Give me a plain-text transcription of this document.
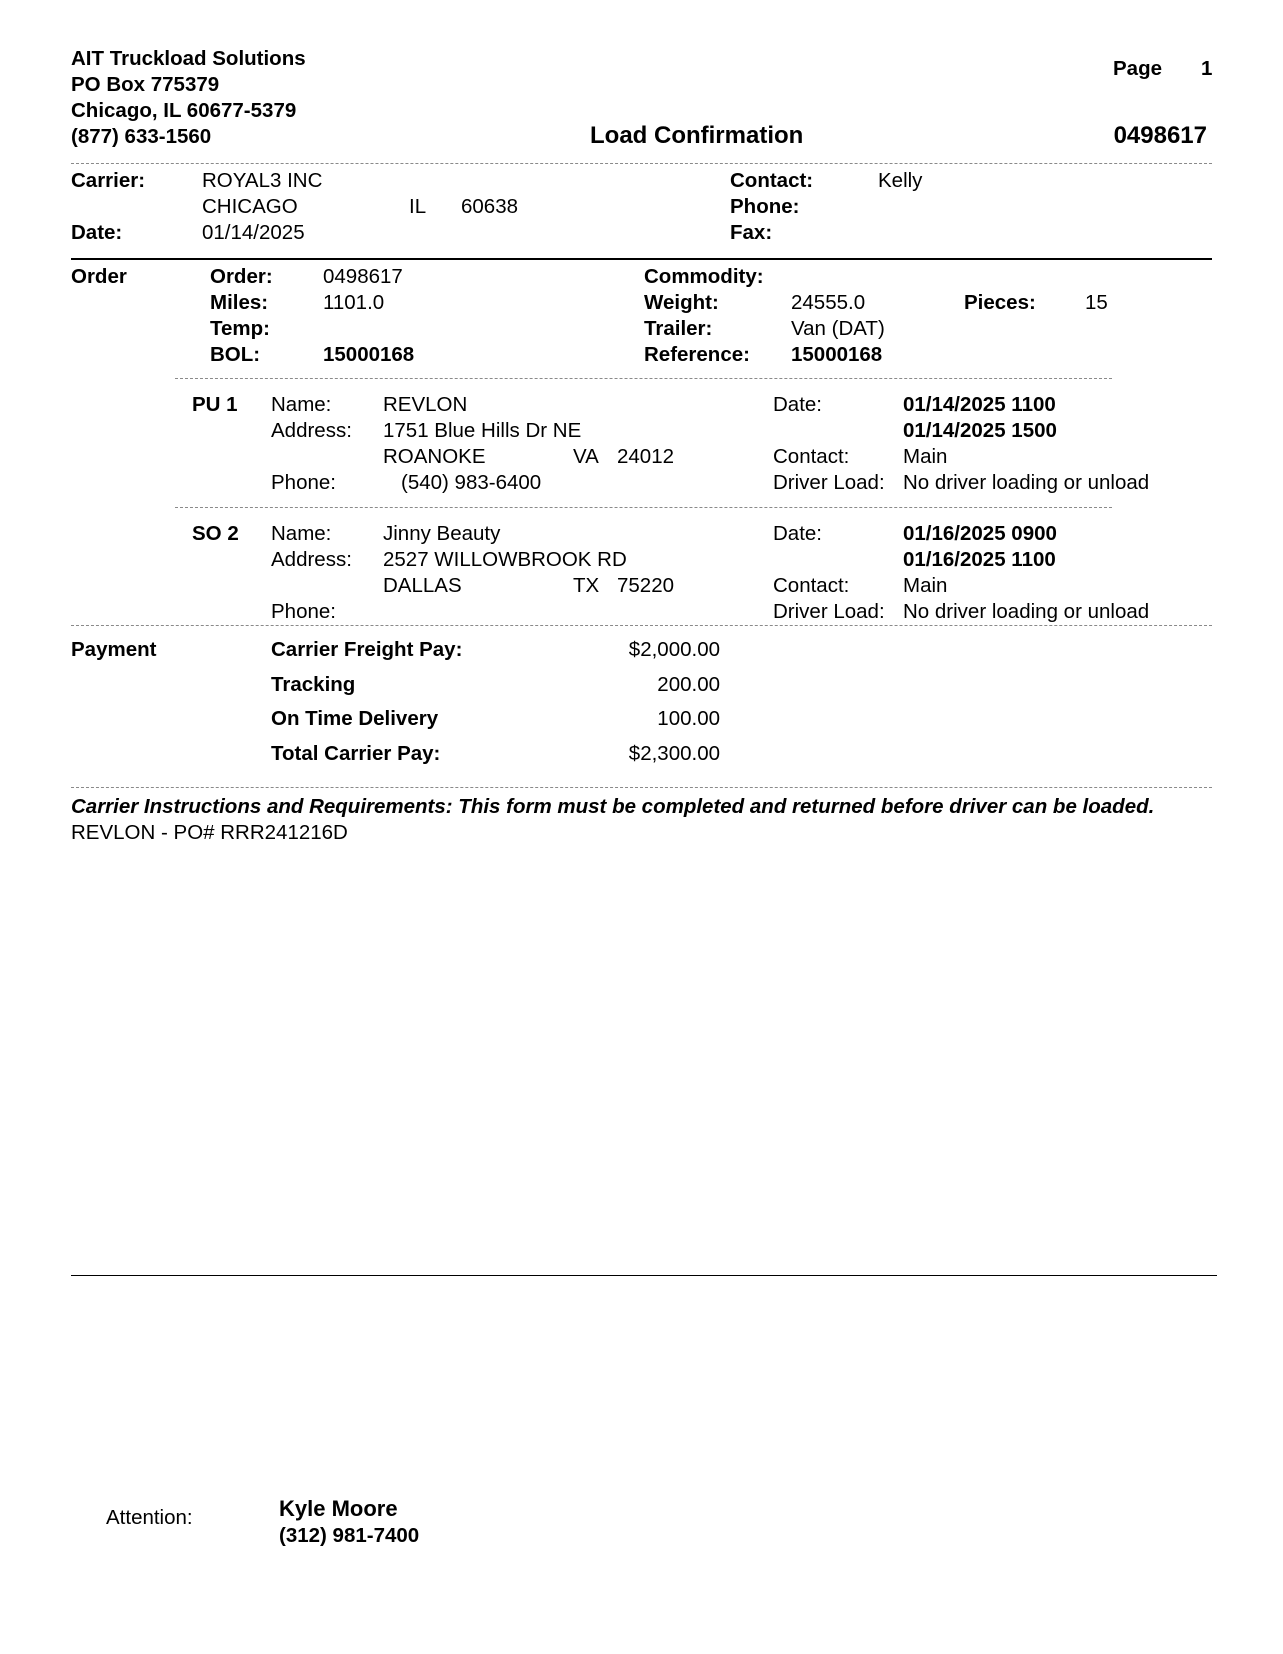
AIT Truckload Solutions
PO Box 775379
Chicago, IL 60677-5379
(877) 633-1560
Page 1
Load Confirmation	0498617
Carrier:	ROYAL3 INC
CHICAGO	IL 60638
Date:	01/14/2025
Contact:	Kelly
Phone:
Fax:
Order	Order: 0498617
Miles:	1101.0
Temp:
BOL:	15000168
Commodity:
Weight:	24555.0	Pieces: 15
Trailer:	Van (DAT)
Reference: 15000168
PU 1 Name:	REVLON
Address: 1751 Blue Hills Dr NE
ROANOKE	VA 24012
Phone:	(540) 983-6400
Date:	01/14/2025 1100
01/14/2025 1500
Contact:	Main
Driver Load: No driver loading or unload
SO 2 Name:	Jinny Beauty
Address: 2527 WILLOWBROOK RD
DALLAS	TX 75220
Phone:
Date:	01/16/2025 0900
01/16/2025 1100
Contact:	Main
Driver Load: No driver loading or unload
Payment	Carrier Freight Pay:	$2,000.00
Tracking	200.00
On Time Delivery	100.00
Total Carrier Pay:	$2,300.00
Carrier Instructions and Requirements: This form must be completed and returned before driver can be loaded.
REVLON - PO# RRR241216D
Attention:	Kyle Moore
(312) 981-7400
